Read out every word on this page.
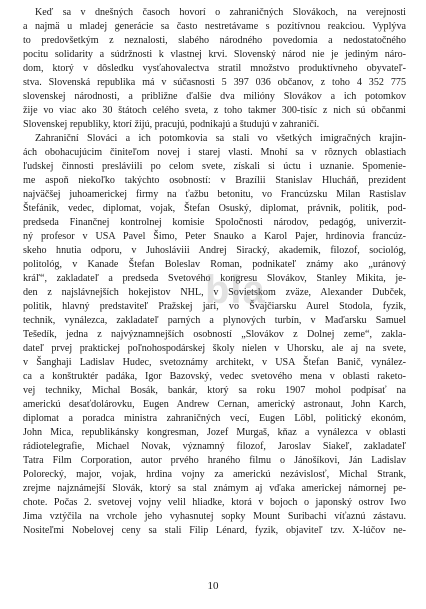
Keď sa v dnešných časoch hovorí o zahraničných Slovákoch, na verejnosti
a najmä u mladej generácie sa často nestretávame s pozitívnou reakciou. Vyplýva
to predovšetkým z neznalosti, slabého národného povedomia a nedostatočného
pocitu solidarity a súdržnosti k vlastnej krvi. Slovenský národ nie je jediným náro-
dom, ktorý v dôsledku vysťahovalectva stratil množstvo produktívneho obyvateľ-
stva. Slovenská republika má v súčasnosti 5 397 036 občanov, z toho 4 352 775
slovenskej národnosti, a približne ďalšie dva milióny Slovákov a ich potomkov
žije vo viac ako 30 štátoch celého sveta, z toho takmer 300-tisíc z nich sú občanmi
Slovenskej republiky, ktorí žijú, pracujú, podnikajú a študujú v zahraničí.
Zahraniční Slováci a ich potomkovia sa stali vo všetkých imigračných krajin-
ách obohacujúcim činiteľom novej i starej vlasti. Mnohí sa v rôznych oblastiach
ľudskej činnosti presláviili po celom svete, získali si úctu i uznanie. Spomenie-
me aspoň niekoľko takýchto osobností: v Brazílii Stanislav Hlucháň, prezident
najväčšej juhoamerickej firmy na ťažbu betonitu, vo Francúzsku Milan Rastislav
Štefánik, vedec, diplomat, vojak, Štefan Osuský, diplomat, právnik, politik, pod-
predseda Finančnej kontrolnej komisie Spoločnosti národov, pedagóg, univerzit-
ný profesor v USA Pavel Šimo, Peter Snauko a Karol Pajer, hrdinovia francúz-
skeho hnutia odporu, v Juhosláviii Andrej Siracký, akademik, filozof, sociológ,
politológ, v Kanade Štefan Boleslav Roman, podnikateľ známy ako „uránový
kráľ“, zakladateľ a predseda Svetového kongresu Slovákov, Stanley Mikita, je-
den z najslávnejších hokejistov NHL, v Sovietskom zväze, Alexander Dubček,
politik, hlavný predstaviteľ Pražskej jari, vo Švajčiarsku Aurel Stodola, fyzik,
technik, vynálezca, zakladateľ parných a plynových turbín, v Maďarsku Samuel
Tešedík, jedna z najvýznamnejších osobností „Slovákov z Dolnej zeme“, zakla-
dateľ prvej praktickej poľnohospodárskej školy nielen v Uhorsku, ale aj na svete,
v Šanghaji Ladislav Hudec, svetoznámy architekt, v USA Štefan Banič, vynález-
ca a konštruktér padáka, Igor Bazovský, vedec svetového mena v oblasti raketo-
vej techniky, Michal Bosák, bankár, ktorý sa roku 1907 mohol podpísať na
americkú desaťdolárovku, Eugen Andrew Cernan, americký astronaut, John Karch,
diplomat a poradca ministra zahraničných vecí, Eugen Löbl, politický ekonóm,
John Mica, republikánsky kongresman, Jozef Murgaš, kňaz a vynálezca v oblasti
rádiotelegrafie, Michael Novak, významný filozof, Jaroslav Siakeľ, zakladateľ
Tatra Film Corporation, autor prvého hraného filmu o Jánošíkovi, Ján Ladislav
Polorecký, major, vojak, hrdina vojny za americkú nezávislosť, Michal Strank,
zrejme najznámejší Slovák, ktorý sa stal známym aj vďaka americkej námornej pe-
chote. Počas 2. svetovej vojny velil hliadke, ktorá v bojoch o japonský ostrov Iwo
Jima vztýčila na vrchole jeho vyhasnutej sopky Mount Suribachi víťaznú zástavu.
Nositeľmi Nobelovej ceny sa stali Filip Lénard, fyzik, objaviteľ tzv. X-lúčov ne-
bla
10
